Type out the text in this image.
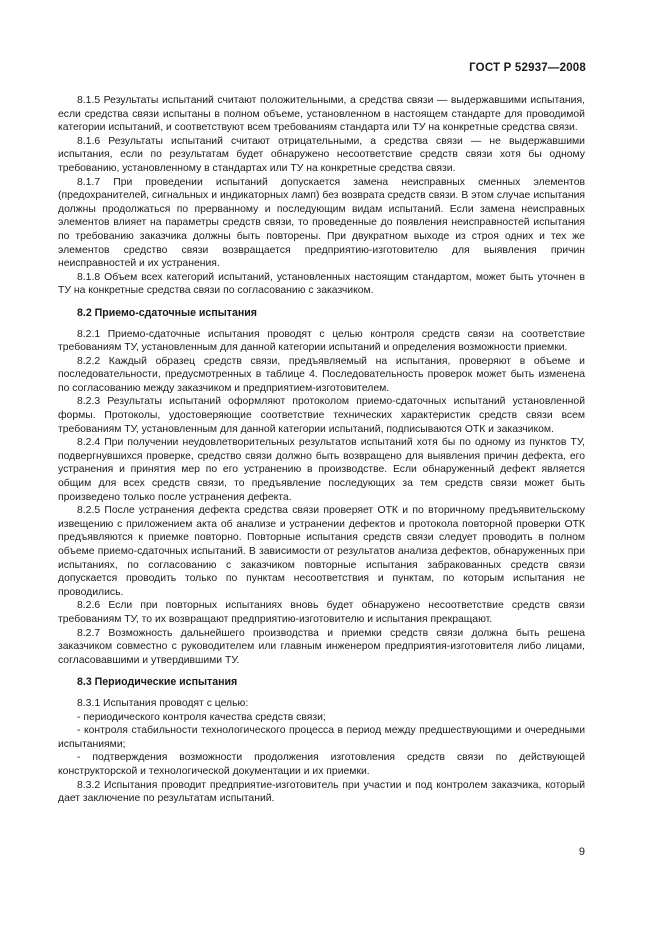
ГОСТ Р 52937—2008

8.1.5 Результаты испытаний считают положительными, а средства связи — выдержавшими испытания, если средства связи испытаны в полном объеме, установленном в настоящем стандарте для проводимой категории испытаний, и соответствуют всем требованиям стандарта или ТУ на конкретные средства связи.

8.1.6 Результаты испытаний считают отрицательными, а средства связи — не выдержавшими испытания, если по результатам будет обнаружено несоответствие средств связи хотя бы одному требованию, установленному в стандартах или ТУ на конкретные средства связи.

8.1.7 При проведении испытаний допускается замена неисправных сменных элементов (предохранителей, сигнальных и индикаторных ламп) без возврата средств связи. В этом случае испытания должны продолжаться по прерванному и последующим видам испытаний. Если замена неисправных элементов влияет на параметры средств связи, то проведенные до появления неисправностей испытания по требованию заказчика должны быть повторены. При двукратном выходе из строя одних и тех же элементов средство связи возвращается предприятию-изготовителю для выявления причин неисправностей и их устранения.

8.1.8 Объем всех категорий испытаний, установленных настоящим стандартом, может быть уточнен в ТУ на конкретные средства связи по согласованию с заказчиком.

8.2 Приемо-сдаточные испытания

8.2.1 Приемо-сдаточные испытания проводят с целью контроля средств связи на соответствие требованиям ТУ, установленным для данной категории испытаний и определения возможности приемки.

8.2.2 Каждый образец средств связи, предъявляемый на испытания, проверяют в объеме и последовательности, предусмотренных в таблице 4. Последовательность проверок может быть изменена по согласованию между заказчиком и предприятием-изготовителем.

8.2.3 Результаты испытаний оформляют протоколом приемо-сдаточных испытаний установленной формы. Протоколы, удостоверяющие соответствие технических характеристик средств связи всем требованиям ТУ, установленным для данной категории испытаний, подписываются ОТК и заказчиком.

8.2.4 При получении неудовлетворительных результатов испытаний хотя бы по одному из пунктов ТУ, подвергнувшихся проверке, средство связи должно быть возвращено для выявления причин дефекта, его устранения и принятия мер по его устранению в производстве. Если обнаруженный дефект является общим для всех средств связи, то предъявление последующих за тем средств связи может быть произведено только после устранения дефекта.

8.2.5 После устранения дефекта средства связи проверяет ОТК и по вторичному предъявительскому извещению с приложением акта об анализе и устранении дефектов и протокола повторной проверки ОТК предъявляются к приемке повторно. Повторные испытания средств связи следует проводить в полном объеме приемо-сдаточных испытаний. В зависимости от результатов анализа дефектов, обнаруженных при испытаниях, по согласованию с заказчиком повторные испытания забракованных средств связи допускается проводить только по пунктам несоответствия и пунктам, по которым испытания не проводились.

8.2.6 Если при повторных испытаниях вновь будет обнаружено несоответствие средств связи требованиям ТУ, то их возвращают предприятию-изготовителю и испытания прекращают.

8.2.7 Возможность дальнейшего производства и приемки средств связи должна быть решена заказчиком совместно с руководителем или главным инженером предприятия-изготовителя либо лицами, согласовавшими и утвердившими ТУ.

8.3 Периодические испытания

8.3.1 Испытания проводят с целью:

- периодического контроля качества средств связи;

- контроля стабильности технологического процесса в период между предшествующими и очередными испытаниями;

- подтверждения возможности продолжения изготовления средств связи по действующей конструкторской и технологической документации и их приемки.

8.3.2 Испытания проводит предприятие-изготовитель при участии и под контролем заказчика, который дает заключение по результатам испытаний.

9
